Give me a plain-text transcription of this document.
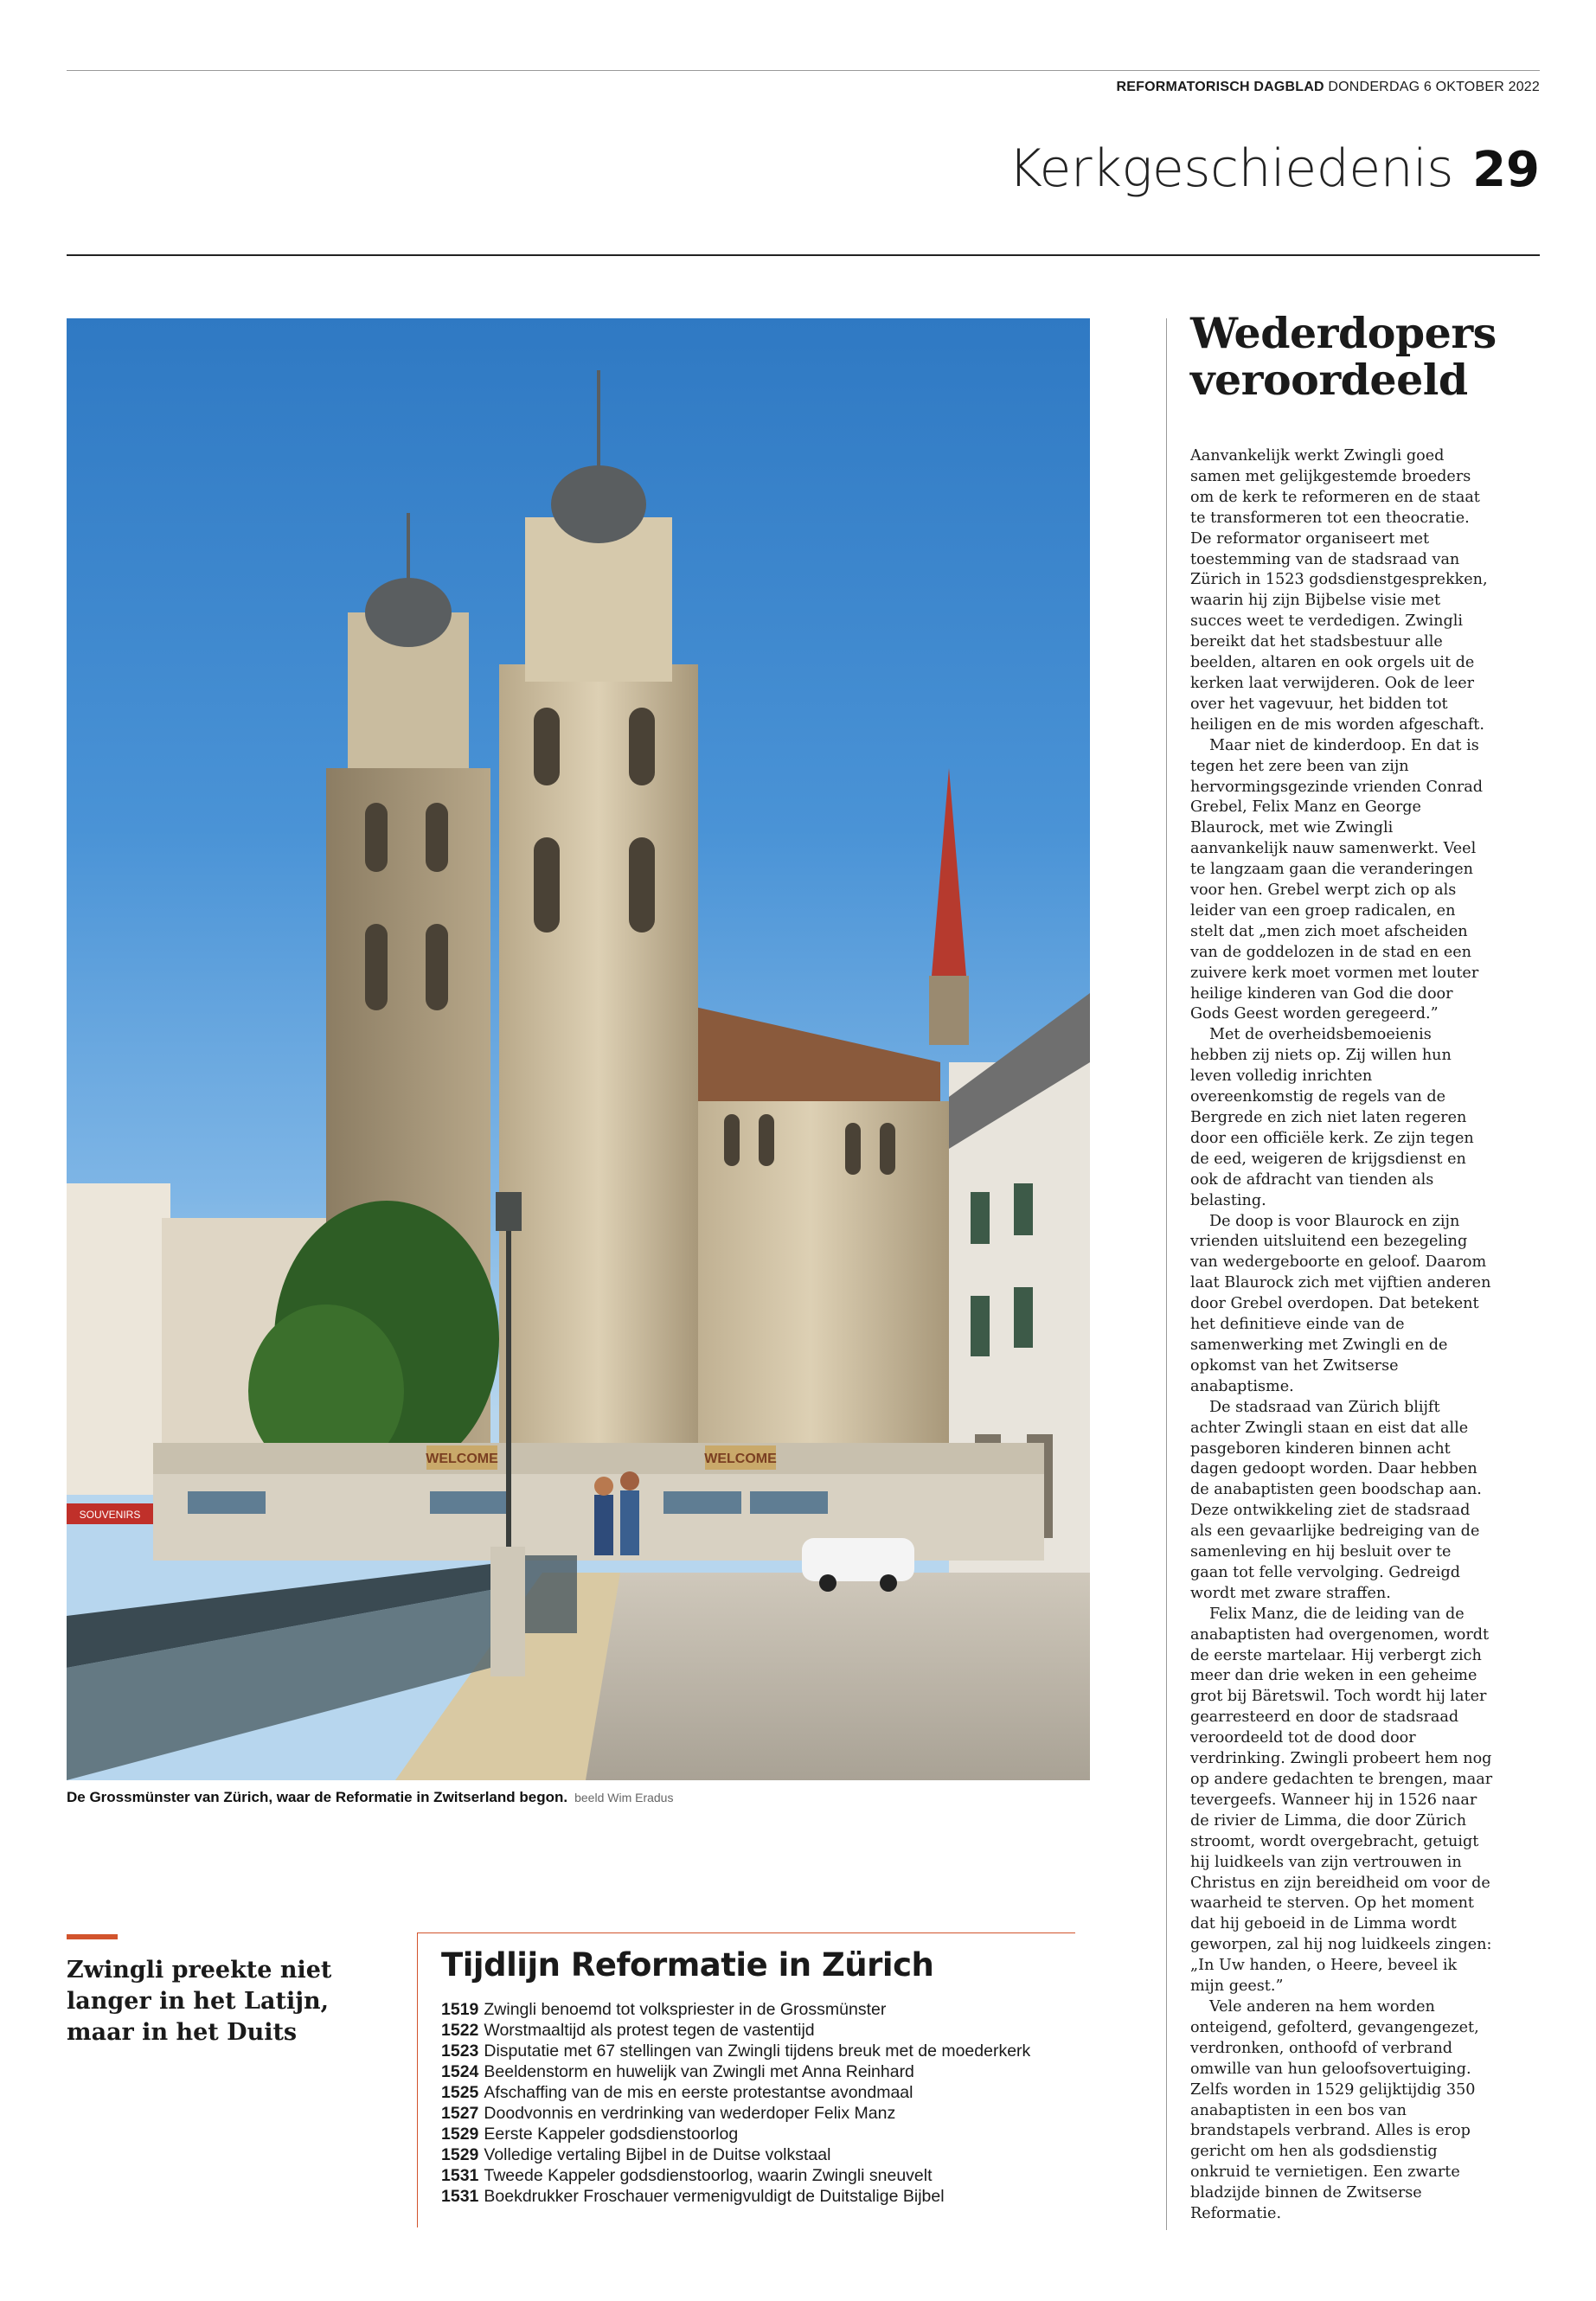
REFORMATORISCH DAGBLAD DONDERDAG 6 OKTOBER 2022
Kerkgeschiedenis 29
WELCOME	WELCOME
SOUVENIRS
De Grossmünster van Zürich, waar de Reformatie in Zwitserland begon. beeld Wim Eradus
Wederdopers veroordeeld

Aanvankelijk werkt Zwingli goed samen met gelijkgestemde broeders om de kerk te reformeren en de staat te transformeren tot een theocratie. De reformator organiseert met toestemming van de stadsraad van Zürich in 1523 godsdienstgesprekken, waarin hij zijn Bijbelse visie met succes weet te verdedigen. Zwingli bereikt dat het stadsbestuur alle beelden, altaren en ook orgels uit de kerken laat verwijderen. Ook de leer over het vagevuur, het bidden tot heiligen en de mis worden afgeschaft.

Maar niet de kinderdoop. En dat is tegen het zere been van zijn hervormingsgezinde vrienden Conrad Grebel, Felix Manz en George Blaurock, met wie Zwingli aanvankelijk nauw samenwerkt. Veel te langzaam gaan die veranderingen voor hen. Grebel werpt zich op als leider van een groep radicalen, en stelt dat „men zich moet afscheiden van de goddelozen in de stad en een zuivere kerk moet vormen met louter heilige kinderen van God die door Gods Geest worden geregeerd.”

Met de overheidsbemoeienis hebben zij niets op. Zij willen hun leven volledig inrichten overeenkomstig de regels van de Bergrede en zich niet laten regeren door een officiële kerk. Ze zijn tegen de eed, weigeren de krijgsdienst en ook de afdracht van tienden als belasting.

De doop is voor Blaurock en zijn vrienden uitsluitend een bezegeling van wedergeboorte en geloof. Daarom laat Blaurock zich met vijftien anderen door Grebel overdopen. Dat betekent het definitieve einde van de samenwerking met Zwingli en de opkomst van het Zwitserse anabaptisme.

De stadsraad van Zürich blijft achter Zwingli staan en eist dat alle pasgeboren kinderen binnen acht dagen gedoopt worden. Daar hebben de anabaptisten geen boodschap aan. Deze ontwikkeling ziet de stadsraad als een gevaarlijke bedreiging van de samenleving en hij besluit over te gaan tot felle vervolging. Gedreigd wordt met zware straffen.

Felix Manz, die de leiding van de anabaptisten had overgenomen, wordt de eerste martelaar. Hij verbergt zich meer dan drie weken in een geheime grot bij Bäretswil. Toch wordt hij later gearresteerd en door de stadsraad veroordeeld tot de dood door verdrinking. Zwingli probeert hem nog op andere gedachten te brengen, maar tevergeefs. Wanneer hij in 1526 naar de rivier de Limma, die door Zürich stroomt, wordt overgebracht, getuigt hij luidkeels van zijn vertrouwen in Christus en zijn bereidheid om voor de waarheid te sterven. Op het moment dat hij geboeid in de Limma wordt geworpen, zal hij nog luidkeels zingen: „In Uw handen, o Heere, beveel ik mijn geest.”

Vele anderen na hem worden onteigend, gefolterd, gevangengezet, verdronken, onthoofd of verbrand omwille van hun geloofsovertuiging. Zelfs worden in 1529 gelijktijdig 350 anabaptisten in een bos van brandstapels verbrand. Alles is erop gericht om hen als godsdienstig onkruid te vernietigen. Een zwarte bladzijde binnen de Zwitserse Reformatie.

Zwingli preekte niet langer in het Latijn, maar in het Duits
Tijdlijn Reformatie in Zürich
1519 Zwingli benoemd tot volkspriester in de Grossmünster
1522 Worstmaaltijd als protest tegen de vastentijd
1523 Disputatie met 67 stellingen van Zwingli tijdens breuk met de moederkerk
1524 Beeldenstorm en huwelijk van Zwingli met Anna Reinhard
1525 Afschaffing van de mis en eerste protestantse avondmaal
1527 Doodvonnis en verdrinking van wederdoper Felix Manz
1529 Eerste Kappeler godsdienstoorlog
1529 Volledige vertaling Bijbel in de Duitse volkstaal
1531 Tweede Kappeler godsdienstoorlog, waarin Zwingli sneuvelt
1531 Boekdrukker Froschauer vermenigvuldigt de Duitstalige Bijbel
